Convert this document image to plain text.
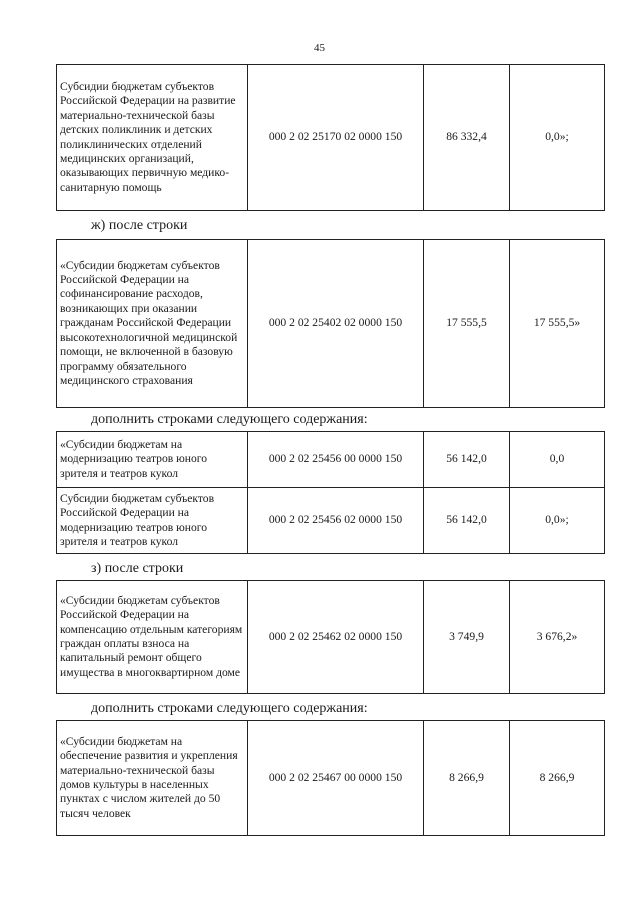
45
Субсидии бюджетам субъектов Российской Федерации на развитие материально-технической базы детских поликлиник и детских поликлинических отделений медицинских организаций, оказывающих первичную медико-санитарную помощь	000 2 02 25170 02 0000 150	86 332,4	0,0»;
ж) после строки
«Субсидии бюджетам субъектов Российской Федерации на софинансирование расходов, возникающих при оказании гражданам Российской Федерации высокотехнологичной медицинской помощи, не включенной в базовую программу обязательного медицинского страхования	000 2 02 25402 02 0000 150	17 555,5	17 555,5»
дополнить строками следующего содержания:
«Субсидии бюджетам на модернизацию театров юного зрителя и театров кукол	000 2 02 25456 00 0000 150	56 142,0	0,0
Субсидии бюджетам субъектов Российской Федерации на модернизацию театров юного зрителя и театров кукол	000 2 02 25456 02 0000 150	56 142,0	0,0»;
з) после строки
«Субсидии бюджетам субъектов Российской Федерации на компенсацию отдельным категориям граждан оплаты взноса на капитальный ремонт общего имущества в многоквартирном доме	000 2 02 25462 02 0000 150	3 749,9	3 676,2»
дополнить строками следующего содержания:
«Субсидии бюджетам на обеспечение развития и укрепления материально-технической базы домов культуры в населенных пунктах с числом жителей до 50 тысяч человек	000 2 02 25467 00 0000 150	8 266,9	8 266,9
